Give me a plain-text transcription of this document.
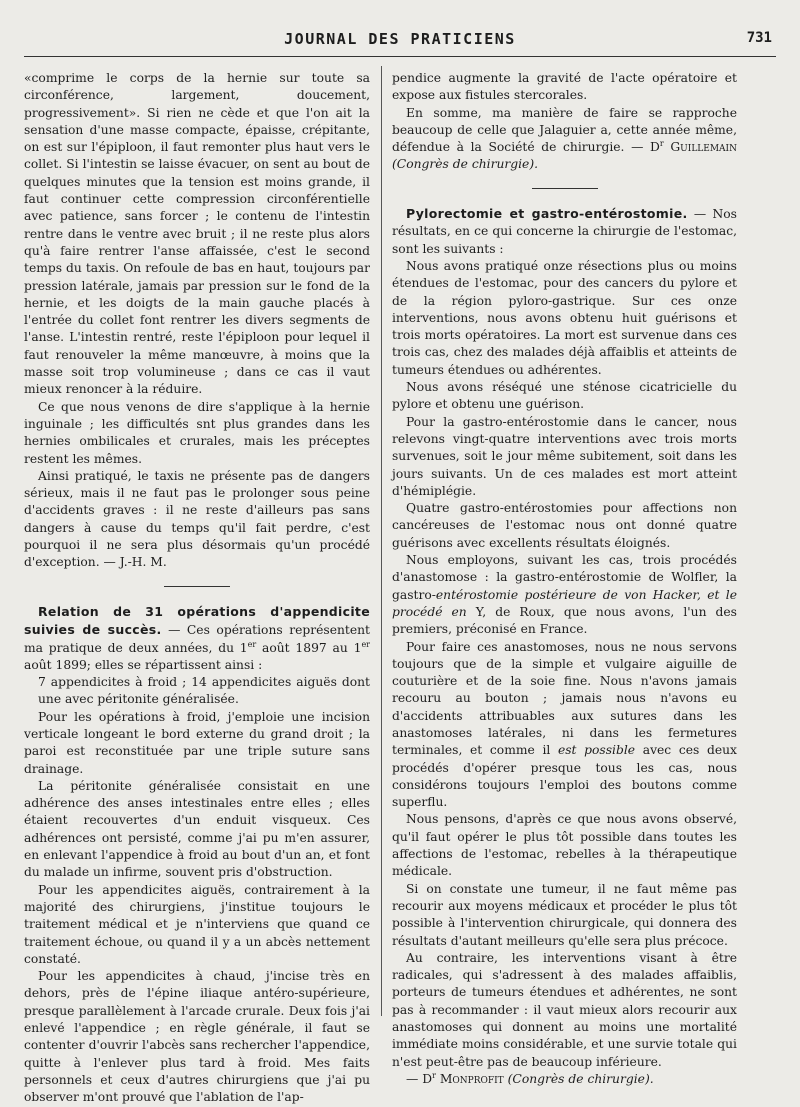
JOURNAL DES PRATICIENS	731

«comprime le corps de la hernie sur toute sa circonférence, largement, doucement, progressivement». Si rien ne cède et que l'on ait la sensation d'une masse compacte, épaisse, crépitante, on est sur l'épiploon, il faut remonter plus haut vers le collet. Si l'intestin se laisse évacuer, on sent au bout de quelques minutes que la tension est moins grande, il faut continuer cette compression circonférentielle avec patience, sans forcer ; le contenu de l'intestin rentre dans le ventre avec bruit ; il ne reste plus alors qu'à faire rentrer l'anse affaissée, c'est le second temps du taxis. On refoule de bas en haut, toujours par pression latérale, jamais par pression sur le fond de la hernie, et les doigts de la main gauche placés à l'entrée du collet font rentrer les divers segments de l'anse. L'intestin rentré, reste l'épiploon pour lequel il faut renouveler la même manœuvre, à moins que la masse soit trop volumineuse ; dans ce cas il vaut mieux renoncer à la réduire.

Ce que nous venons de dire s'applique à la hernie inguinale ; les difficultés snt plus grandes dans les hernies ombilicales et crurales, mais les préceptes restent les mêmes.

Ainsi pratiqué, le taxis ne présente pas de dangers sérieux, mais il ne faut pas le prolonger sous peine d'accidents graves : il ne reste d'ailleurs pas sans dangers à cause du temps qu'il fait perdre, c'est pourquoi il ne sera plus désormais qu'un procédé d'exception. — J.-H. M.

Relation de 31 opérations d'appendicite suivies de succès. — Ces opérations représentent ma pratique de deux années, du 1er août 1897 au 1er août 1899; elles se répartissent ainsi :

7 appendicites à froid ; 14 appendicites aiguës dont une avec péritonite généralisée.

Pour les opérations à froid, j'emploie une incision verticale longeant le bord externe du grand droit ; la paroi est reconstituée par une triple suture sans drainage.

La péritonite généralisée consistait en une adhérence des anses intestinales entre elles ; elles étaient recouvertes d'un enduit visqueux. Ces adhérences ont persisté, comme j'ai pu m'en assurer, en enlevant l'appendice à froid au bout d'un an, et font du malade un infirme, souvent pris d'obstruction.

Pour les appendicites aiguës, contrairement à la majorité des chirurgiens, j'institue toujours le traitement médical et je n'interviens que quand ce traitement échoue, ou quand il y a un abcès nettement constaté.

Pour les appendicites à chaud, j'incise très en dehors, près de l'épine iliaque antéro-supérieure, presque parallèlement à l'arcade crurale. Deux fois j'ai enlevé l'appendice ; en règle générale, il faut se contenter d'ouvrir l'abcès sans rechercher l'appendice, quitte à l'enlever plus tard à froid. Mes faits personnels et ceux d'autres chirurgiens que j'ai pu observer m'ont prouvé que l'ablation de l'ap-

pendice augmente la gravité de l'acte opératoire et expose aux fistules stercorales.

En somme, ma manière de faire se rapproche beaucoup de celle que Jalaguier a, cette année même, défendue à la Société de chirurgie. — $D^r$ Guillemain (Congrès de chirurgie).

Pylorectomie et gastro-entérostomie. — Nos résultats, en ce qui concerne la chirurgie de l'estomac, sont les suivants :

Nous avons pratiqué onze résections plus ou moins étendues de l'estomac, pour des cancers du pylore et de la région pyloro-gastrique. Sur ces onze interventions, nous avons obtenu huit guérisons et trois morts opératoires. La mort est survenue dans ces trois cas, chez des malades déjà affaiblis et atteints de tumeurs étendues ou adhérentes.

Nous avons réséqué une sténose cicatricielle du pylore et obtenu une guérison.

Pour la gastro-entérostomie dans le cancer, nous relevons vingt-quatre interventions avec trois morts survenues, soit le jour même subitement, soit dans les jours suivants. Un de ces malades est mort atteint d'hémiplégie.

Quatre gastro-entérostomies pour affections non cancéreuses de l'estomac nous ont donné quatre guérisons avec excellents résultats éloignés.

Nous employons, suivant les cas, trois procédés d'anastomose : la gastro-entérostomie de Wolfler, la gastro-entérostomie postérieure de von Hacker, et le procédé en Y, de Roux, que nous avons, l'un des premiers, préconisé en France.

Pour faire ces anastomoses, nous ne nous servons toujours que de la simple et vulgaire aiguille de couturière et de la soie fine. Nous n'avons jamais recouru au bouton ; jamais nous n'avons eu d'accidents attribuables aux sutures dans les anastomoses latérales, ni dans les fermetures terminales, et comme il est possible avec ces deux procédés d'opérer presque tous les cas, nous considérons toujours l'emploi des boutons comme superflu.

Nous pensons, d'après ce que nous avons observé, qu'il faut opérer le plus tôt possible dans toutes les affections de l'estomac, rebelles à la thérapeutique médicale.

Si on constate une tumeur, il ne faut même pas recourir aux moyens médicaux et procéder le plus tôt possible à l'intervention chirurgicale, qui donnera des résultats d'autant meilleurs qu'elle sera plus précoce.

Au contraire, les interventions visant à être radicales, qui s'adressent à des malades affaiblis, porteurs de tumeurs étendues et adhérentes, ne sont pas à recommander : il vaut mieux alors recourir aux anastomoses qui donnent au moins une mortalité immédiate moins considérable, et une survie totale qui n'est peut-être pas de beaucoup inférieure.

— $D^r$ Monprofit (Congrès de chirurgie).
